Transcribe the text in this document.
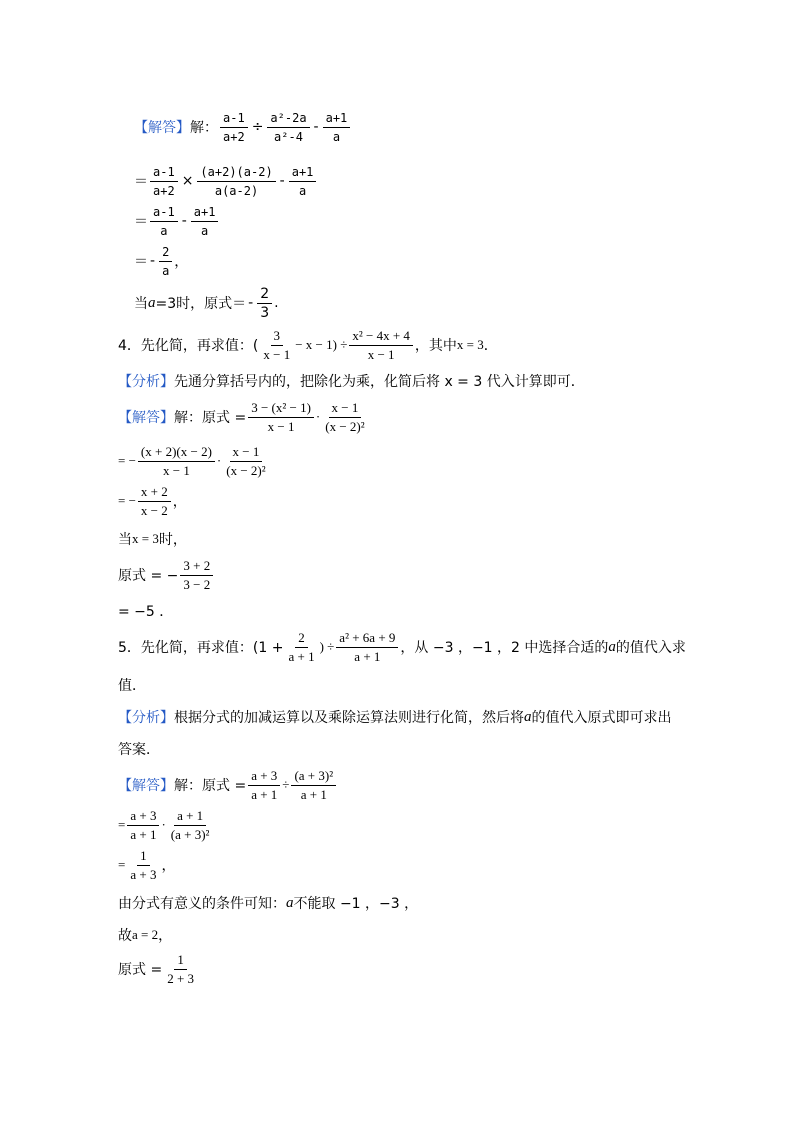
【解答】 解： $\frac{a-1}{a+2} \div \frac{\text{a²-2a}}{\text{a²-4}} - \frac{a+1}{a}$
＝ $\frac{a-1}{a+2} \times \frac{(a+2)(a-2)}{a(a-2)} - \frac{a+1}{a}$
＝ $\frac{a-1}{a} - \frac{a+1}{a}$
＝ - $\frac{2}{a}$ ，
当 a =3时，原式＝ - $\frac{2}{3}$ .
4．先化简，再求值：( $\frac{3}{x - 1} - x - 1) \div \frac{\text{x² − 4x + 4}}{x - 1}$ ，其中 x = 3 ．
【分析】 先通分算括号内的，把除化为乘，化简后将 x = 3 代入计算即可．
【解答】 解：原式 = $\frac{\text{3 − (x² − 1)}}{x - 1} \cdot \frac{x - 1}{\text{(x − 2)²}}$
= − $\frac{(x + 2)(x - 2)}{x - 1} \cdot \frac{x - 1}{\text{(x − 2)²}}$
= − $\frac{x + 2}{x - 2}$ ，
当 x = 3 时，
原式 = − $\frac{3 + 2}{3 - 2}$
= −5 ．
5．先化简，再求值：($1 + \frac{2}{a + 1}$ ) ÷ $\frac{\text{a² + 6a + 9}}{a + 1}$ ，从 −3 ，−1 ，2 中选择合适的 a 的值代入求
值．
【分析】 根据分式的加减运算以及乘除运算法则进行化简，然后将 a 的值代入原式即可求出
答案．
【解答】 解：原式 = $\frac{a + 3}{a + 1} \div \frac{\text{(a + 3)²}}{a + 1}$
= $\frac{a + 3}{a + 1} \cdot \frac{a + 1}{\text{(a + 3)²}}$
= $\frac{1}{a + 3}$ ，
由分式有意义的条件可知： a 不能取 −1 ，−3 ，
故 a = 2 ，
原式 = $\frac{1}{2 + 3}$
